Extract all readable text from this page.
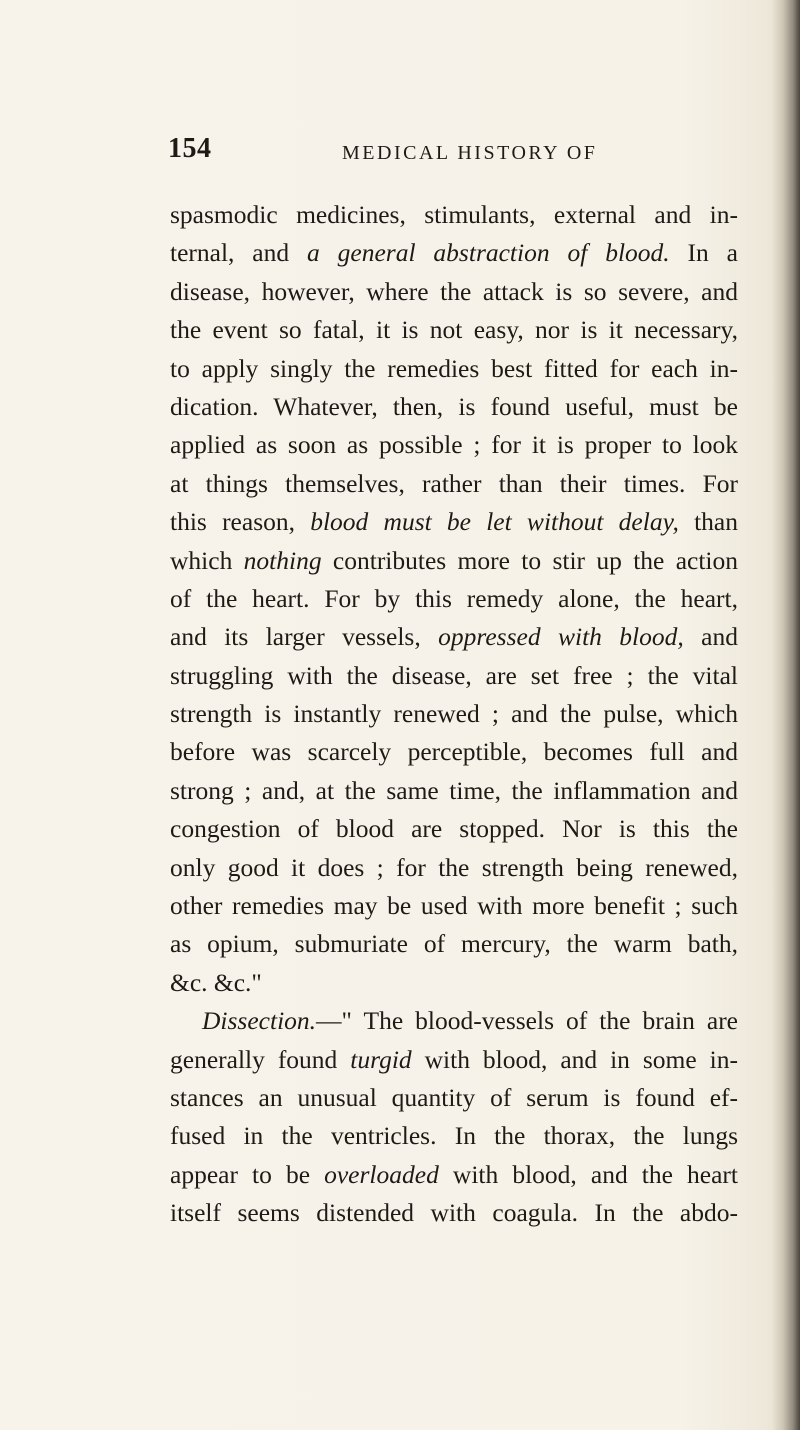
154	MEDICAL HISTORY OF
spasmodic medicines, stimulants, external and in-
ternal, and a general abstraction of blood. In a
disease, however, where the attack is so severe, and
the event so fatal, it is not easy, nor is it necessary,
to apply singly the remedies best fitted for each in-
dication. Whatever, then, is found useful, must be
applied as soon as possible ; for it is proper to look
at things themselves, rather than their times. For
this reason, blood must be let without delay, than
which nothing contributes more to stir up the action
of the heart. For by this remedy alone, the heart,
and its larger vessels, oppressed with blood, and
struggling with the disease, are set free ; the vital
strength is instantly renewed ; and the pulse, which
before was scarcely perceptible, becomes full and
strong ; and, at the same time, the inflammation and
congestion of blood are stopped. Nor is this the
only good it does ; for the strength being renewed,
other remedies may be used with more benefit ; such
as opium, submuriate of mercury, the warm bath,
&c. &c."
Dissection.—" The blood-vessels of the brain are
generally found turgid with blood, and in some in-
stances an unusual quantity of serum is found ef-
fused in the ventricles. In the thorax, the lungs
appear to be overloaded with blood, and the heart
itself seems distended with coagula. In the abdo-
